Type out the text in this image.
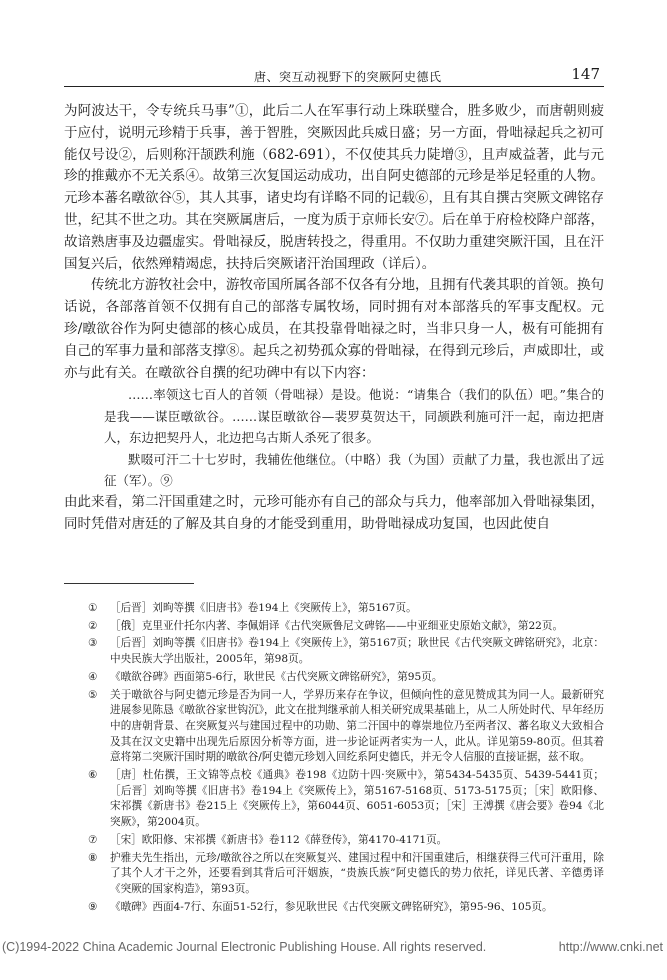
唐、突互动视野下的突厥阿史德氏	147

为阿波达干，令专统兵马事”①，此后二人在军事行动上珠联璧合，胜多败少，而唐朝则疲于应付，说明元珍精于兵事，善于智胜，突厥因此兵威日盛；另一方面，骨咄禄起兵之初可能仅号设②，后则称汗颉跌利施（682-691），不仅使其兵力陡增③，且声威益著，此与元珍的推戴亦不无关系④。故第三次复国运动成功，出自阿史德部的元珍是举足轻重的人物。元珍本蕃名暾欲谷⑤，其人其事，诸史均有详略不同的记载⑥，且有其自撰古突厥文碑铭存世，纪其不世之功。其在突厥属唐后，一度为质于京师长安⑦。后在单于府检校降户部落，故谙熟唐事及边疆虚实。骨咄禄反，脱唐转投之，得重用。不仅助力重建突厥汗国，且在汗国复兴后，依然殚精竭虑，扶持后突厥诸汗治国理政（详后）。

传统北方游牧社会中，游牧帝国所属各部不仅各有分地，且拥有代袭其职的首领。换句话说，各部落首领不仅拥有自己的部落专属牧场，同时拥有对本部落兵的军事支配权。元珍/暾欲谷作为阿史德部的核心成员，在其投靠骨咄禄之时，当非只身一人，极有可能拥有自己的军事力量和部落支撑⑧。起兵之初势孤众寡的骨咄禄，在得到元珍后，声威即壮，或亦与此有关。在暾欲谷自撰的纪功碑中有以下内容：

……率领这七百人的首领（骨咄禄）是设。他说：“请集合（我们的队伍）吧。”集合的是我——谋臣暾欲谷。……谋臣暾欲谷—裴罗莫贺达干，同颉跌利施可汗一起，南边把唐人，东边把契丹人，北边把乌古斯人杀死了很多。

默啜可汗二十七岁时，我辅佐他继位。（中略）我（为国）贡献了力量，我也派出了远征（军）。⑨

由此来看，第二汗国重建之时，元珍可能亦有自己的部众与兵力，他率部加入骨咄禄集团，同时凭借对唐廷的了解及其自身的才能受到重用，助骨咄禄成功复国，也因此使自

① ［后晋］刘昫等撰《旧唐书》卷194上《突厥传上》，第5167页。
② ［俄］克里亚什托尔内著、李佩娟译《古代突厥鲁尼文碑铭——中亚细亚史原始文献》，第22页。
③ ［后晋］刘昫等撰《旧唐书》卷194上《突厥传上》，第5167页；耿世民《古代突厥文碑铭研究》，北京：中央民族大学出版社，2005年，第98页。
④ 《暾欲谷碑》西面第5-6行，耿世民《古代突厥文碑铭研究》，第95页。
⑤ 关于暾欲谷与阿史德元珍是否为同一人，学界历来存在争议，但倾向性的意见赞成其为同一人。最新研究进展参见陈恳《暾欲谷家世钩沉》，此文在批判继承前人相关研究成果基础上，从二人所处时代、早年经历中的唐朝背景、在突厥复兴与建国过程中的功勋、第二汗国中的尊崇地位乃至两者汉、蕃名取义大致相合及其在汉文史籍中出现先后原因分析等方面，进一步论证两者实为一人，此从。详见第59-80页。但其着意将第二突厥汗国时期的暾欲谷/阿史德元珍划入回纥系阿史德氏，并无令人信服的直接证据，兹不取。
⑥ ［唐］杜佑撰，王文锦等点校《通典》卷198《边防十四·突厥中》，第5434-5435页、5439-5441页；［后晋］刘昫等撰《旧唐书》卷194上《突厥传上》，第5167-5168页、5173-5175页；［宋］欧阳修、宋祁撰《新唐书》卷215上《突厥传上》，第6044页、6051-6053页；［宋］王溥撰《唐会要》卷94《北突厥》，第2004页。
⑦ ［宋］欧阳修、宋祁撰《新唐书》卷112《薛登传》，第4170-4171页。
⑧ 护雅夫先生指出，元珍/暾欲谷之所以在突厥复兴、建国过程中和汗国重建后，相继获得三代可汗重用，除了其个人才干之外，还要看到其背后可汗姻族，“贵族氏族”阿史德氏的势力依托，详见氏著、辛德勇译《突厥的国家构造》，第93页。
⑨ 《暾碑》西面4-7行、东面51-52行，参见耿世民《古代突厥文碑铭研究》，第95-96、105页。
(C)1994-2022 China Academic Journal Electronic Publishing House. All rights reserved.	http://www.cnki.net
